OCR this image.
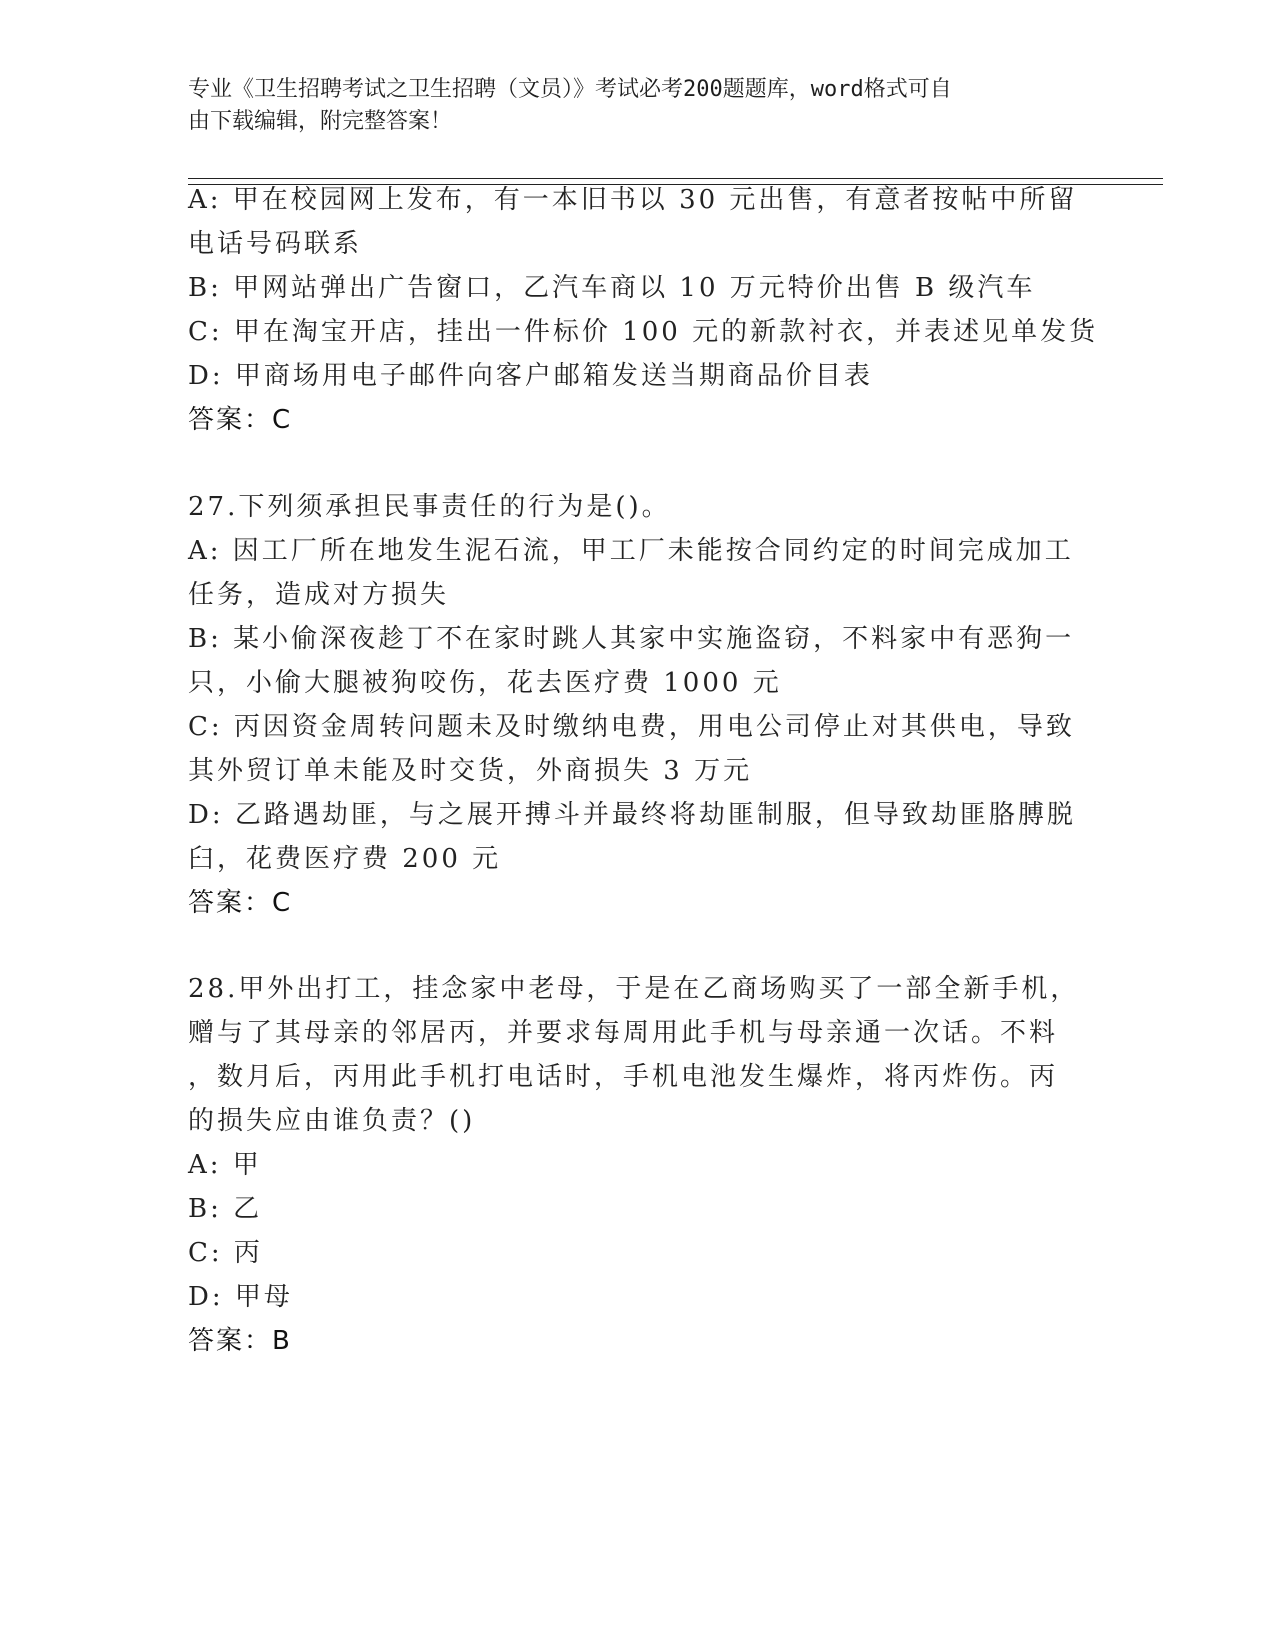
专业《卫生招聘考试之卫生招聘（文员）》考试必考200题题库，word格式可自
由下载编辑，附完整答案！
A: 甲在校园网上发布，有一本旧书以 30 元出售，有意者按帖中所留
电话号码联系
B: 甲网站弹出广告窗口，乙汽车商以 10 万元特价出售 B 级汽车
C: 甲在淘宝开店，挂出一件标价 100 元的新款衬衣，并表述见单发货
D: 甲商场用电子邮件向客户邮箱发送当期商品价目表
答案：C
27.下列须承担民事责任的行为是()。
A: 因工厂所在地发生泥石流，甲工厂未能按合同约定的时间完成加工
任务，造成对方损失
B: 某小偷深夜趁丁不在家时跳人其家中实施盗窃，不料家中有恶狗一
只，小偷大腿被狗咬伤，花去医疗费 1000 元
C: 丙因资金周转问题未及时缴纳电费，用电公司停止对其供电，导致
其外贸订单未能及时交货，外商损失 3 万元
D: 乙路遇劫匪，与之展开搏斗并最终将劫匪制服，但导致劫匪胳膊脱
臼，花费医疗费 200 元
答案：C
28.甲外出打工，挂念家中老母，于是在乙商场购买了一部全新手机，
赠与了其母亲的邻居丙，并要求每周用此手机与母亲通一次话。不料
，数月后，丙用此手机打电话时，手机电池发生爆炸，将丙炸伤。丙
的损失应由谁负责？()
A: 甲
B: 乙
C: 丙
D: 甲母
答案：B
